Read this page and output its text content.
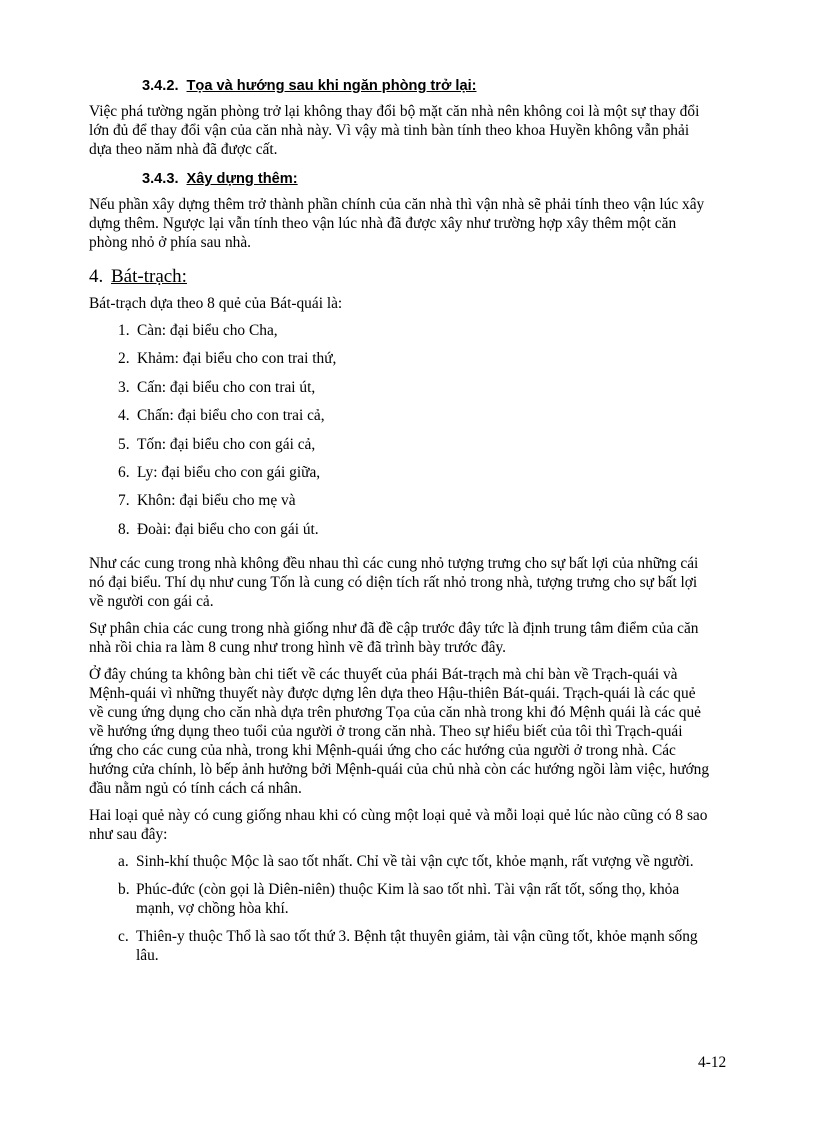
3.4.2. Tọa và hướng sau khi ngăn phòng trở lại:

Việc phá tường ngăn phòng trở lại không thay đổi bộ mặt căn nhà nên không coi là một sự thay đổi
lớn đủ để thay đổi vận của căn nhà này. Vì vậy mà tinh bàn tính theo khoa Huyền không vẫn phải
dựa theo năm nhà đã được cất.

3.4.3. Xây dựng thêm:

Nếu phần xây dựng thêm trở thành phần chính của căn nhà thì vận nhà sẽ phải tính theo vận lúc xây
dựng thêm. Ngược lại vẫn tính theo vận lúc nhà đã được xây như trường hợp xây thêm một căn
phòng nhỏ ở phía sau nhà.

4. Bát-trạch:

Bát-trạch dựa theo 8 quẻ của Bát-quái là:

1. Càn: đại biểu cho Cha,
2. Khảm: đại biểu cho con trai thứ,
3. Cấn: đại biểu cho con trai út,
4. Chấn: đại biểu cho con trai cả,
5. Tốn: đại biểu cho con gái cả,
6. Ly: đại biểu cho con gái giữa,
7. Khôn: đại biểu cho mẹ và
8. Đoài: đại biểu cho con gái út.

Như các cung trong nhà không đều nhau thì các cung nhỏ tượng trưng cho sự bất lợi của những cái
nó đại biểu. Thí dụ như cung Tốn là cung có diện tích rất nhỏ trong nhà, tượng trưng cho sự bất lợi
về người con gái cả.

Sự phân chia các cung trong nhà giống như đã đề cập trước đây tức là định trung tâm điểm của căn
nhà rồi chia ra làm 8 cung như trong hình vẽ đã trình bày trước đây.

Ở đây chúng ta không bàn chi tiết về các thuyết của phái Bát-trạch mà chỉ bàn về Trạch-quái và
Mệnh-quái vì những thuyết này được dựng lên dựa theo Hậu-thiên Bát-quái. Trạch-quái là các quẻ
về cung ứng dụng cho căn nhà dựa trên phương Tọa của căn nhà trong khi đó Mệnh quái là các quẻ
về hướng ứng dụng theo tuổi của người ở trong căn nhà. Theo sự hiểu biết của tôi thì Trạch-quái
ứng cho các cung của nhà, trong khi Mệnh-quái ứng cho các hướng của người ở trong nhà. Các
hướng cửa chính, lò bếp ảnh hưởng bởi Mệnh-quái của chủ nhà còn các hướng ngồi làm việc, hướng
đầu nằm ngủ có tính cách cá nhân.

Hai loại quẻ này có cung giống nhau khi có cùng một loại quẻ và mỗi loại quẻ lúc nào cũng có 8 sao
như sau đây:

a. Sinh-khí thuộc Mộc là sao tốt nhất. Chỉ về tài vận cực tốt, khỏe mạnh, rất vượng về người.
b. Phúc-đức (còn gọi là Diên-niên) thuộc Kim là sao tốt nhì. Tài vận rất tốt, sống thọ, khỏa
mạnh, vợ chồng hòa khí.
c. Thiên-y thuộc Thổ là sao tốt thứ 3. Bệnh tật thuyên giảm, tài vận cũng tốt, khỏe mạnh sống
lâu.
4-12
